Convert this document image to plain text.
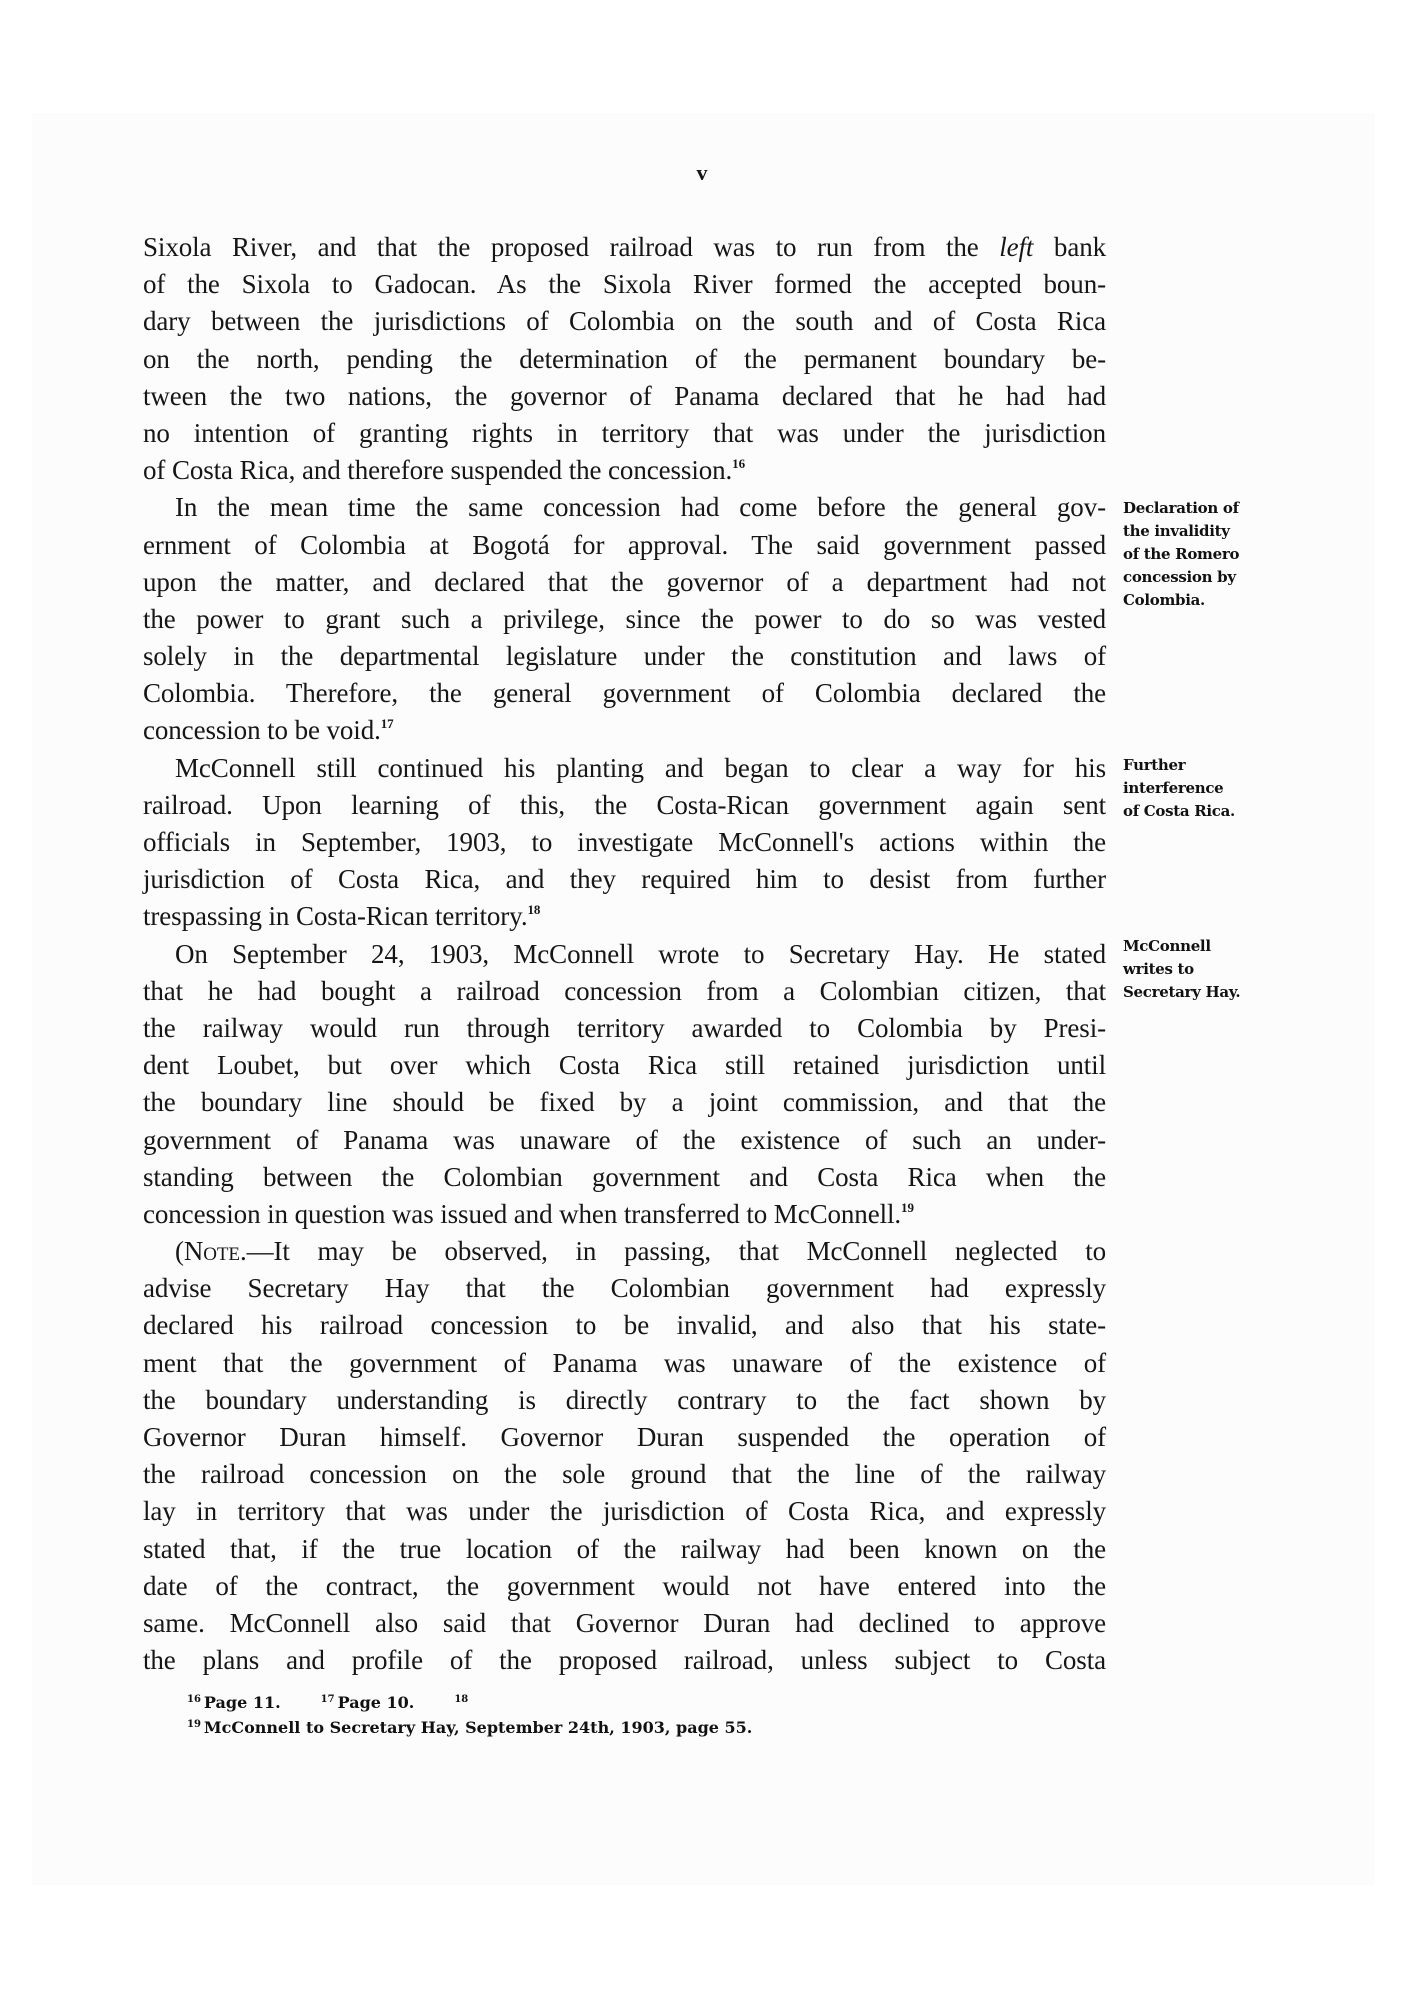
v
Sixola River, and that the proposed railroad was to run from the left bank
of the Sixola to Gadocan. As the Sixola River formed the accepted boun-
dary between the jurisdictions of Colombia on the south and of Costa Rica
on the north, pending the determination of the permanent boundary be-
tween the two nations, the governor of Panama declared that he had had
no intention of granting rights in territory that was under the jurisdiction
of Costa Rica, and therefore suspended the concession.$^{16}$
In the mean time the same concession had come before the general gov-
ernment of Colombia at Bogotá for approval. The said government passed
upon the matter, and declared that the governor of a department had not
the power to grant such a privilege, since the power to do so was vested
solely in the departmental legislature under the constitution and laws of
Colombia. Therefore, the general government of Colombia declared the
concession to be void.$^{17}$
McConnell still continued his planting and began to clear a way for his
railroad. Upon learning of this, the Costa-Rican government again sent
officials in September, 1903, to investigate McConnell's actions within the
jurisdiction of Costa Rica, and they required him to desist from further
trespassing in Costa-Rican territory.$^{18}$
On September 24, 1903, McConnell wrote to Secretary Hay. He stated
that he had bought a railroad concession from a Colombian citizen, that
the railway would run through territory awarded to Colombia by Presi-
dent Loubet, but over which Costa Rica still retained jurisdiction until
the boundary line should be fixed by a joint commission, and that the
government of Panama was unaware of the existence of such an under-
standing between the Colombian government and Costa Rica when the
concession in question was issued and when transferred to McConnell.$^{19}$
(Note.—It may be observed, in passing, that McConnell neglected to
advise Secretary Hay that the Colombian government had expressly
declared his railroad concession to be invalid, and also that his state-
ment that the government of Panama was unaware of the existence of
the boundary understanding is directly contrary to the fact shown by
Governor Duran himself. Governor Duran suspended the operation of
the railroad concession on the sole ground that the line of the railway
lay in territory that was under the jurisdiction of Costa Rica, and expressly
stated that, if the true location of the railway had been known on the
date of the contract, the government would not have entered into the
same. McConnell also said that Governor Duran had declined to approve
the plans and profile of the proposed railroad, unless subject to Costa
Declaration of
the invalidity
of the Romero
concession by
Colombia.
Further
interference
of Costa Rica.
McConnell
writes to
Secretary Hay.
$^{16}$ Page 11.	$^{17}$ Page 10.	$^{18}$
$^{19}$ McConnell to Secretary Hay, September 24th, 1903, page 55.
